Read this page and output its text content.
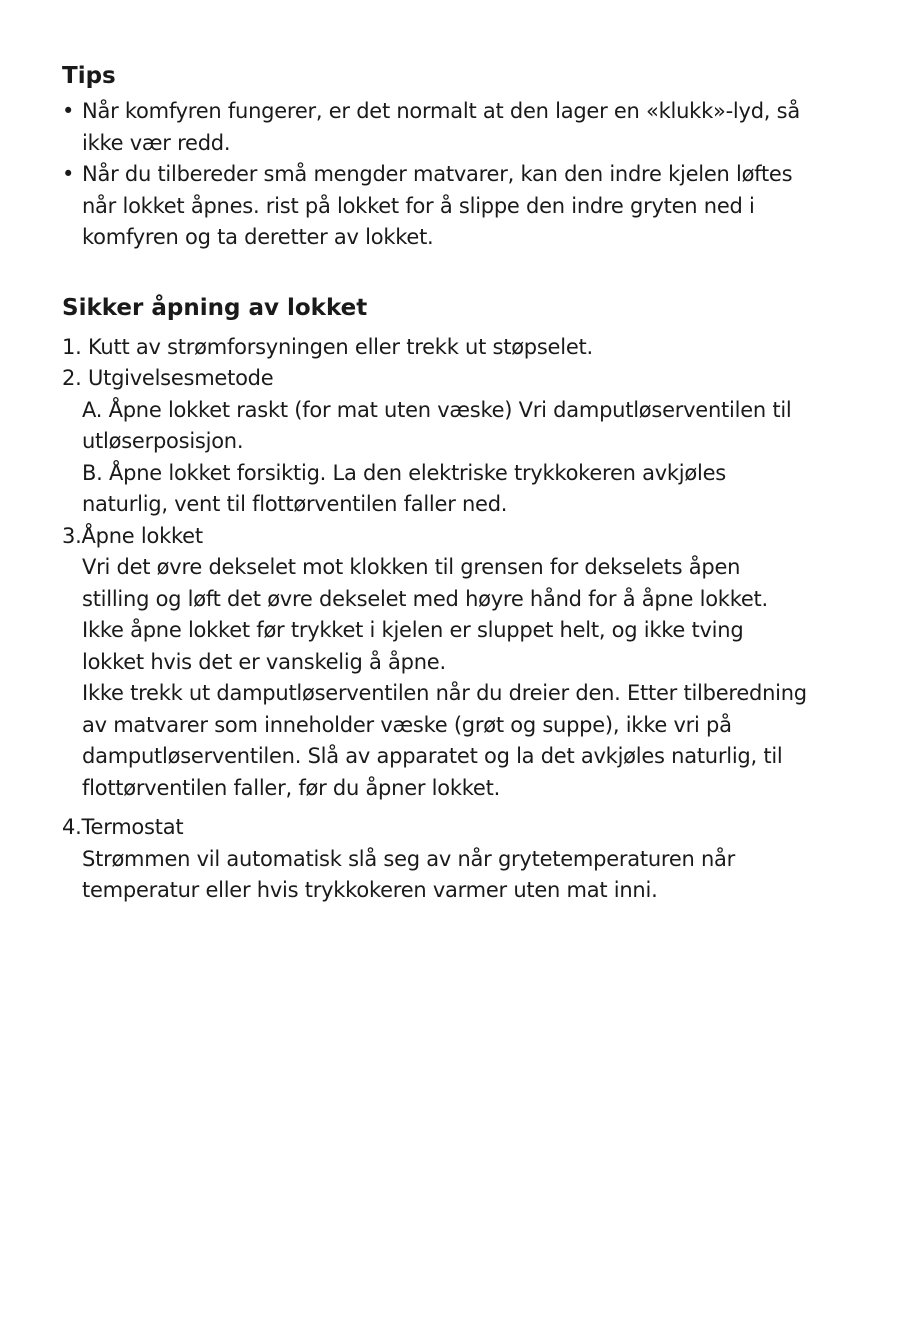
Tips
• Når komfyren fungerer, er det normalt at den lager en «klukk»-lyd, så
ikke vær redd.
• Når du tilbereder små mengder matvarer, kan den indre kjelen løftes
når lokket åpnes. rist på lokket for å slippe den indre gryten ned i
komfyren og ta deretter av lokket.
Sikker åpning av lokket
1. Kutt av strømforsyningen eller trekk ut støpselet.
2. Utgivelsesmetode
A. Åpne lokket raskt (for mat uten væske) Vri damputløserventilen til
utløserposisjon.
B. Åpne lokket forsiktig. La den elektriske trykkokeren avkjøles
naturlig, vent til flottørventilen faller ned.
3.Åpne lokket
Vri det øvre dekselet mot klokken til grensen for dekselets åpen
stilling og løft det øvre dekselet med høyre hånd for å åpne lokket.
Ikke åpne lokket før trykket i kjelen er sluppet helt, og ikke tving
lokket hvis det er vanskelig å åpne.
Ikke trekk ut damputløserventilen når du dreier den. Etter tilberedning
av matvarer som inneholder væske (grøt og suppe), ikke vri på
damputløserventilen. Slå av apparatet og la det avkjøles naturlig, til
flottørventilen faller, før du åpner lokket.
4.Termostat
Strømmen vil automatisk slå seg av når grytetemperaturen når
temperatur eller hvis trykkokeren varmer uten mat inni.
